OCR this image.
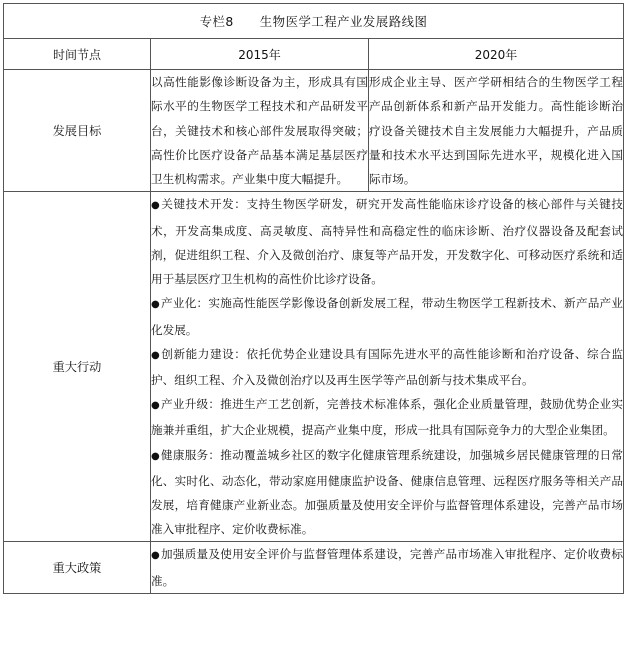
专栏8 生物医学工程产业发展路线图		
时间节点	2015年	2020年
发展目标	以高性能影像诊断设备为主，形成具有国际水平的生物医学工程技术和产品研发平台，关键技术和核心部件发展取得突破；高性价比医疗设备产品基本满足基层医疗卫生机构需求。产业集中度大幅提升。	形成企业主导、医产学研相结合的生物医学工程产品创新体系和新产品开发能力。高性能诊断治疗设备关键技术自主发展能力大幅提升，产品质量和技术水平达到国际先进水平，规模化进入国际市场。
重大行动	●关键技术开发：支持生物医学研发，研究开发高性能临床诊疗设备的核心部件与关键技术，开发高集成度、高灵敏度、高特异性和高稳定性的临床诊断、治疗仪器设备及配套试剂，促进组织工程、介入及微创治疗、康复等产品开发，开发数字化、可移动医疗系统和适用于基层医疗卫生机构的高性价比诊疗设备。
●产业化：实施高性能医学影像设备创新发展工程，带动生物医学工程新技术、新产品产业化发展。
●创新能力建设：依托优势企业建设具有国际先进水平的高性能诊断和治疗设备、综合监护、组织工程、介入及微创治疗以及再生医学等产品创新与技术集成平台。
●产业升级：推进生产工艺创新，完善技术标准体系，强化企业质量管理，鼓励优势企业实施兼并重组，扩大企业规模，提高产业集中度，形成一批具有国际竞争力的大型企业集团。
●健康服务：推动覆盖城乡社区的数字化健康管理系统建设，加强城乡居民健康管理的日常化、实时化、动态化，带动家庭用健康监护设备、健康信息管理、远程医疗服务等相关产品发展，培育健康产业新业态。加强质量及使用安全评价与监督管理体系建设，完善产品市场准入审批程序、定价收费标准。	

重大政策	●加强质量及使用安全评价与监督管理体系建设，完善产品市场准入审批程序、定价收费标准。	
